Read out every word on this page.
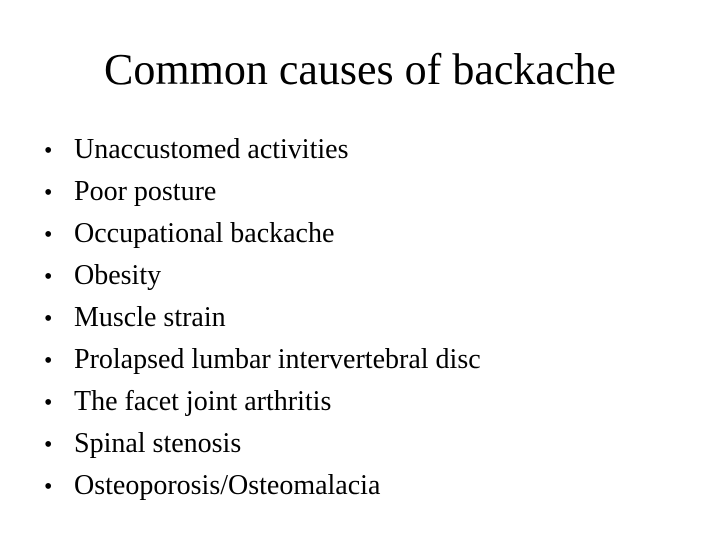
Common causes of backache
• Unaccustomed activities
• Poor posture
• Occupational backache
• Obesity
• Muscle strain
• Prolapsed lumbar intervertebral disc
• The facet joint arthritis
• Spinal stenosis
• Osteoporosis/Osteomalacia
